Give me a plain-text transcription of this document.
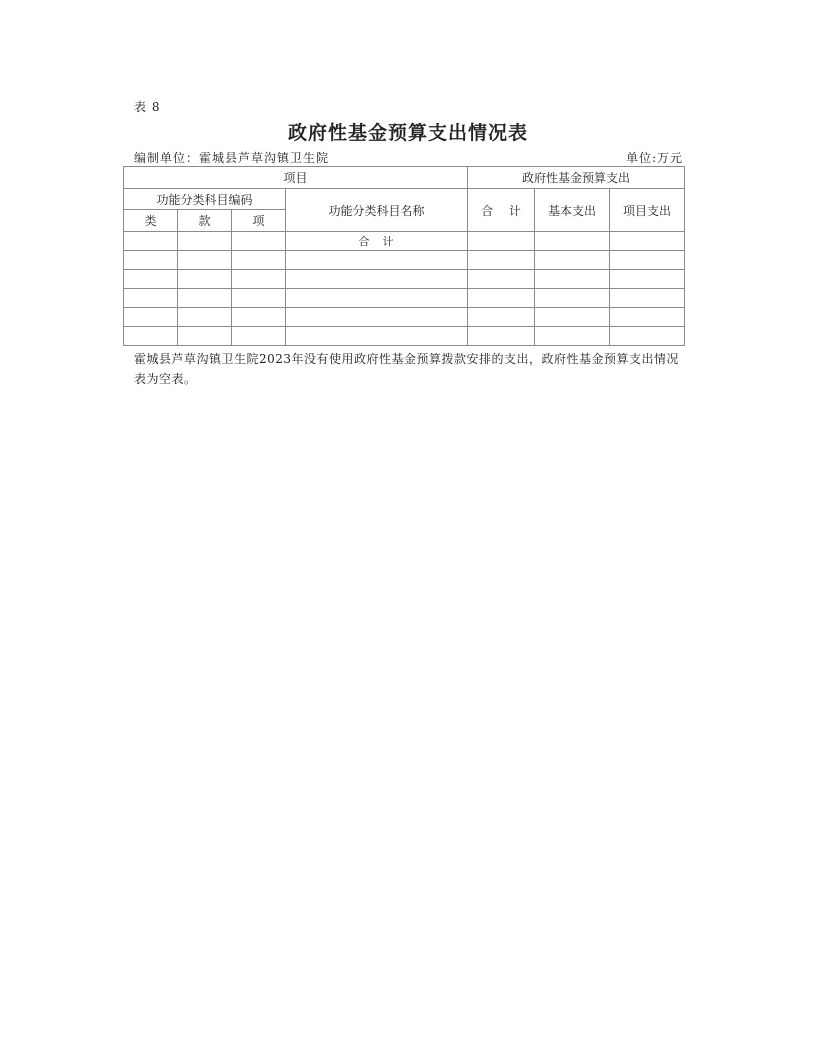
表 8
政府性基金预算支出情况表
编制单位：霍城县芦草沟镇卫生院	单位:万元
项目				政府性基金预算支出		
功能分类科目编码			功能分类科目名称	合　 计	基本支出	项目支出
类	款	项				
			合　计			

霍城县芦草沟镇卫生院2023年没有使用政府性基金预算拨款安排的支出，政府性基金预算支出情况表为空表。
